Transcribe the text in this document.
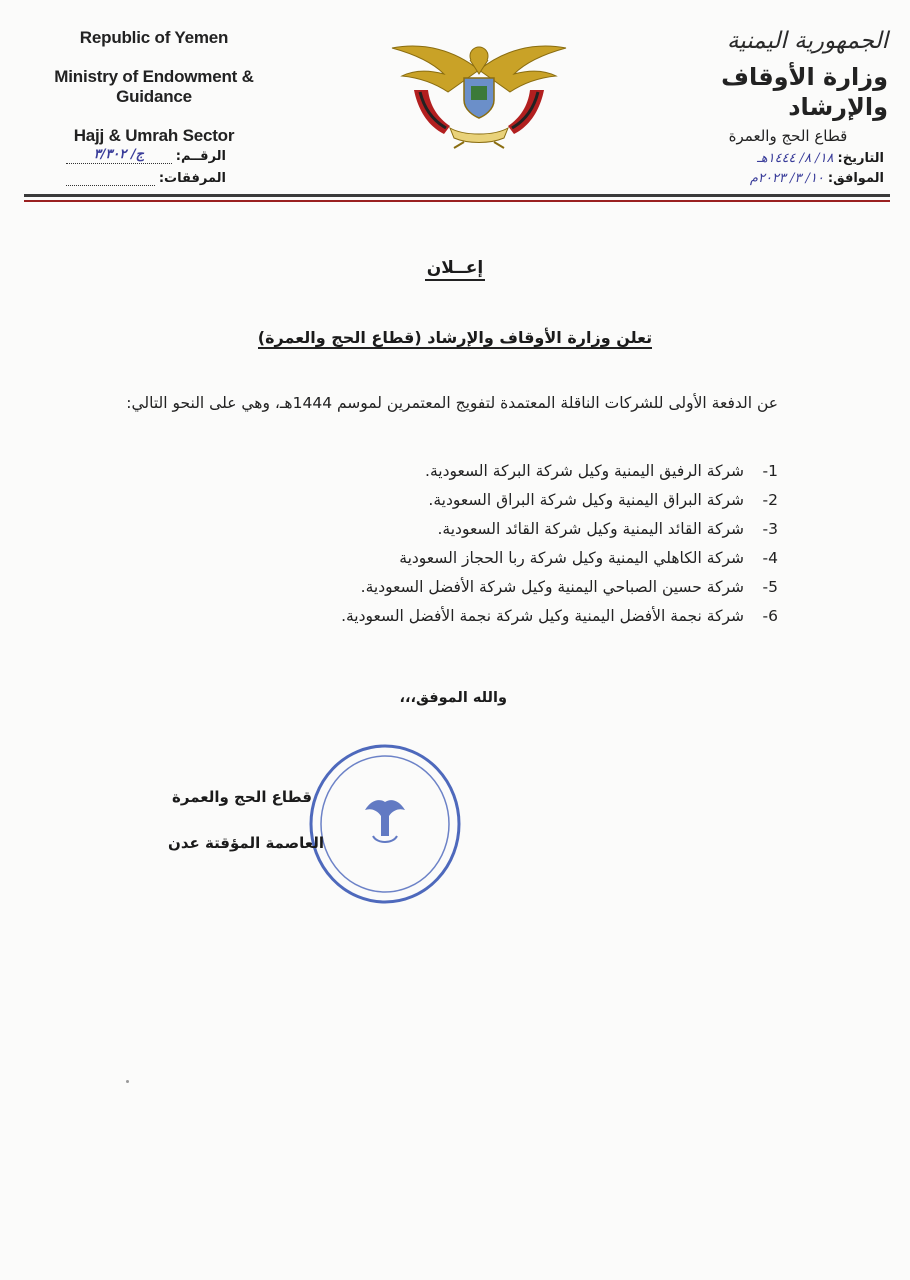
Republic of Yemen
Ministry of Endowment & Guidance
Hajj & Umrah Sector
الجمهورية اليمنية
وزارة الأوقاف والإرشاد
قطاع الحج والعمرة
الرقــم:
ج/ ٣/٣٠٢
المرفقات:
التاريخ:
١٨/ ٨/ ١٤٤٤هـ
الموافق:
١٠/ ٣/ ٢٠٢٣م
إعــلان
تعلن وزارة الأوقاف والإرشاد (قطاع الحج والعمرة)
عن الدفعة الأولى للشركات الناقلة المعتمدة لتفويج المعتمرين لموسم 1444هـ، وهي على النحو التالي:
1-
شركة الرفيق اليمنية وكيل شركة البركة السعودية.
2-
شركة البراق اليمنية وكيل شركة البراق السعودية.
3-
شركة القائد اليمنية وكيل شركة القائد السعودية.
4-
شركة الكاهلي اليمنية وكيل شركة ربا الحجاز السعودية
5-
شركة حسين الصباحي اليمنية وكيل شركة الأفضل السعودية.
6-
شركة نجمة الأفضل اليمنية وكيل شركة نجمة الأفضل السعودية.
والله الموفق،،،
قطاع الحج والعمرة
العاصمة المؤقتة عدن
